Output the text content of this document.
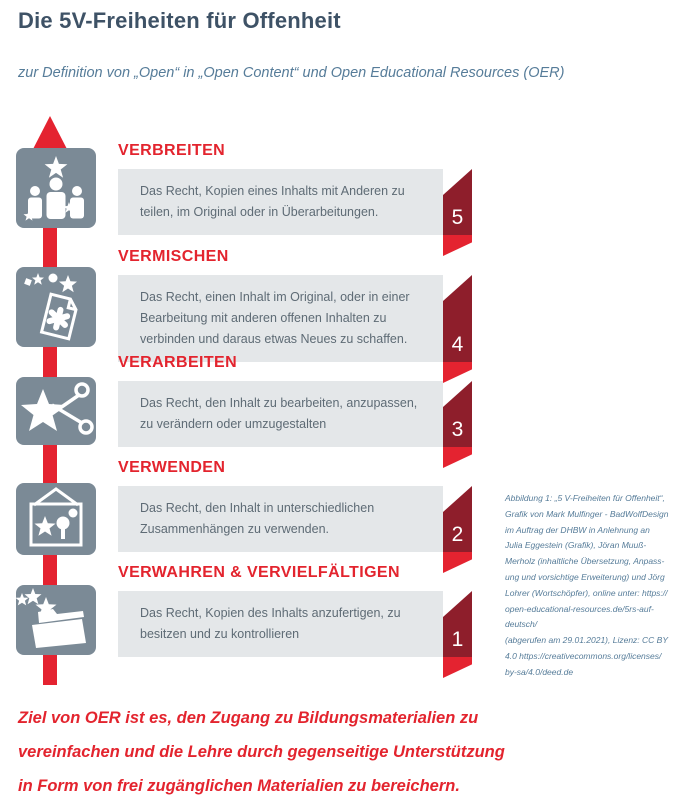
Die 5V-Freiheiten für Offenheit
zur Definition von „Open“ in „Open Content“ und Open Educational Resources (OER)
VERBREITEN
Das Recht, Kopien eines Inhalts mit Anderen zu teilen, im Original oder in Überarbeitungen.	5
VERMISCHEN
Das Recht, einen Inhalt im Original, oder in einer Bearbeitung mit anderen offenen Inhalten zu verbinden und daraus etwas Neues zu schaffen.	4
VERARBEITEN
Das Recht, den Inhalt zu bearbeiten, anzupassen, zu verändern oder umzugestalten	3
VERWENDEN
Das Recht, den Inhalt in unterschiedlichen Zusammenhängen zu verwenden.	2
VERWAHREN & VERVIELFÄLTIGEN
Das Recht, Kopien des Inhalts anzufertigen, zu besitzen und zu kontrollieren	1
Abbildung 1: „5 V-Freiheiten für Offenheit“,
Grafik von Mark Mulfinger - BadWolfDesign
im Auftrag der DHBW in Anlehnung an
Julia Eggestein (Grafik), Jöran Muuß-
Merholz (inhaltliche Übersetzung, Anpass-
ung und vorsichtige Erweiterung) und Jörg
Lohrer (Wortschöpfer), online unter: https://
open-educational-resources.de/5rs-auf-
deutsch/
(abgerufen am 29.01.2021), Lizenz: CC BY
4.0 https://creativecommons.org/licenses/
by-sa/4.0/deed.de
Ziel von OER ist es, den Zugang zu Bildungsmaterialien zu
vereinfachen und die Lehre durch gegenseitige Unterstützung
in Form von frei zugänglichen Materialien zu bereichern.
